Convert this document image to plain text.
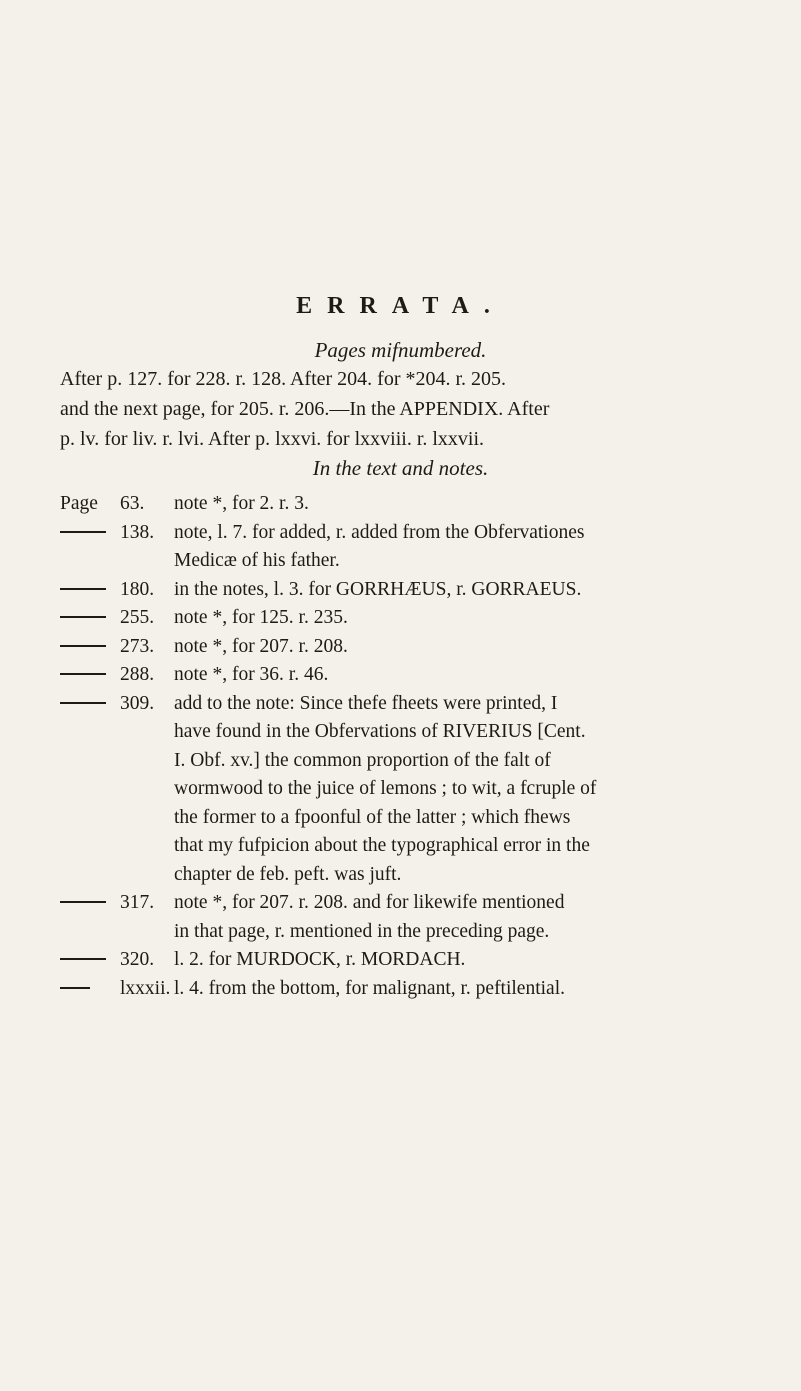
ERRATA.
Pages mifnumbered.
After p. 127. for 228. r. 128. After 204. for *204. r. 205.
and the next page, for 205. r. 206.—In the APPENDIX. After
p. lv. for liv. r. lvi. After p. lxxvi. for lxxviii. r. lxxvii.
In the text and notes.
Page	63.	note *, for 2. r. 3.
138.	note, l. 7. for added, r. added from the Obfervationes
Medicæ of his father.
180.	in the notes, l. 3. for GORRHÆUS, r. GORRAEUS.
255.	note *, for 125. r. 235.
273.	note *, for 207. r. 208.
288.	note *, for 36. r. 46.
309.	add to the note: Since thefe fheets were printed, I
have found in the Obfervations of RIVERIUS [Cent.
I. Obf. xv.] the common proportion of the falt of
wormwood to the juice of lemons ; to wit, a fcruple of
the former to a fpoonful of the latter ; which fhews
that my fufpicion about the typographical error in the
chapter de feb. peft. was juft.
317.	note *, for 207. r. 208. and for likewife mentioned
in that page, r. mentioned in the preceding page.
320.	l. 2. for MURDOCK, r. MORDACH.
lxxxii. l. 4. from the bottom, for malignant, r. peftilential.
